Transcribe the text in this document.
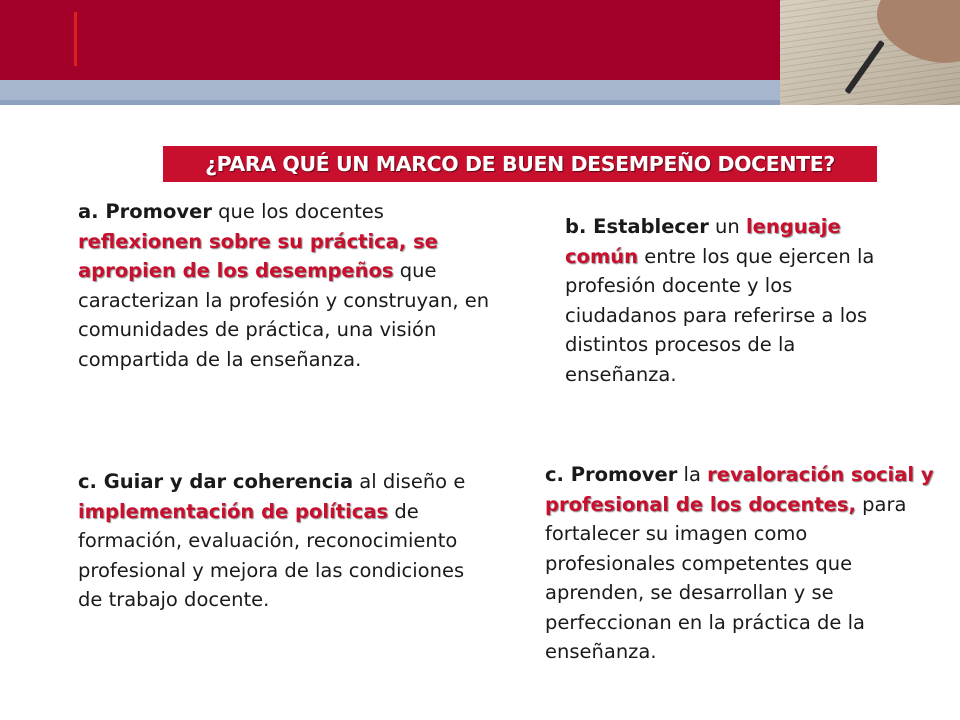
¿PARA QUÉ UN MARCO DE BUEN DESEMPEÑO DOCENTE?
a. Promover que los docentes reflexionen sobre su práctica, se apropien de los desempeños que caracterizan la profesión y construyan, en comunidades de práctica, una visión compartida de la enseñanza.
b. Establecer un lenguaje común entre los que ejercen la profesión docente y los ciudadanos para referirse a los distintos procesos de la enseñanza.
c. Guiar y dar coherencia al diseño e implementación de políticas de formación, evaluación, reconocimiento profesional y mejora de las condiciones de trabajo docente.
c. Promover la revaloración social y profesional de los docentes, para fortalecer su imagen como profesionales competentes que aprenden, se desarrollan y se perfeccionan en la práctica de la enseñanza.
